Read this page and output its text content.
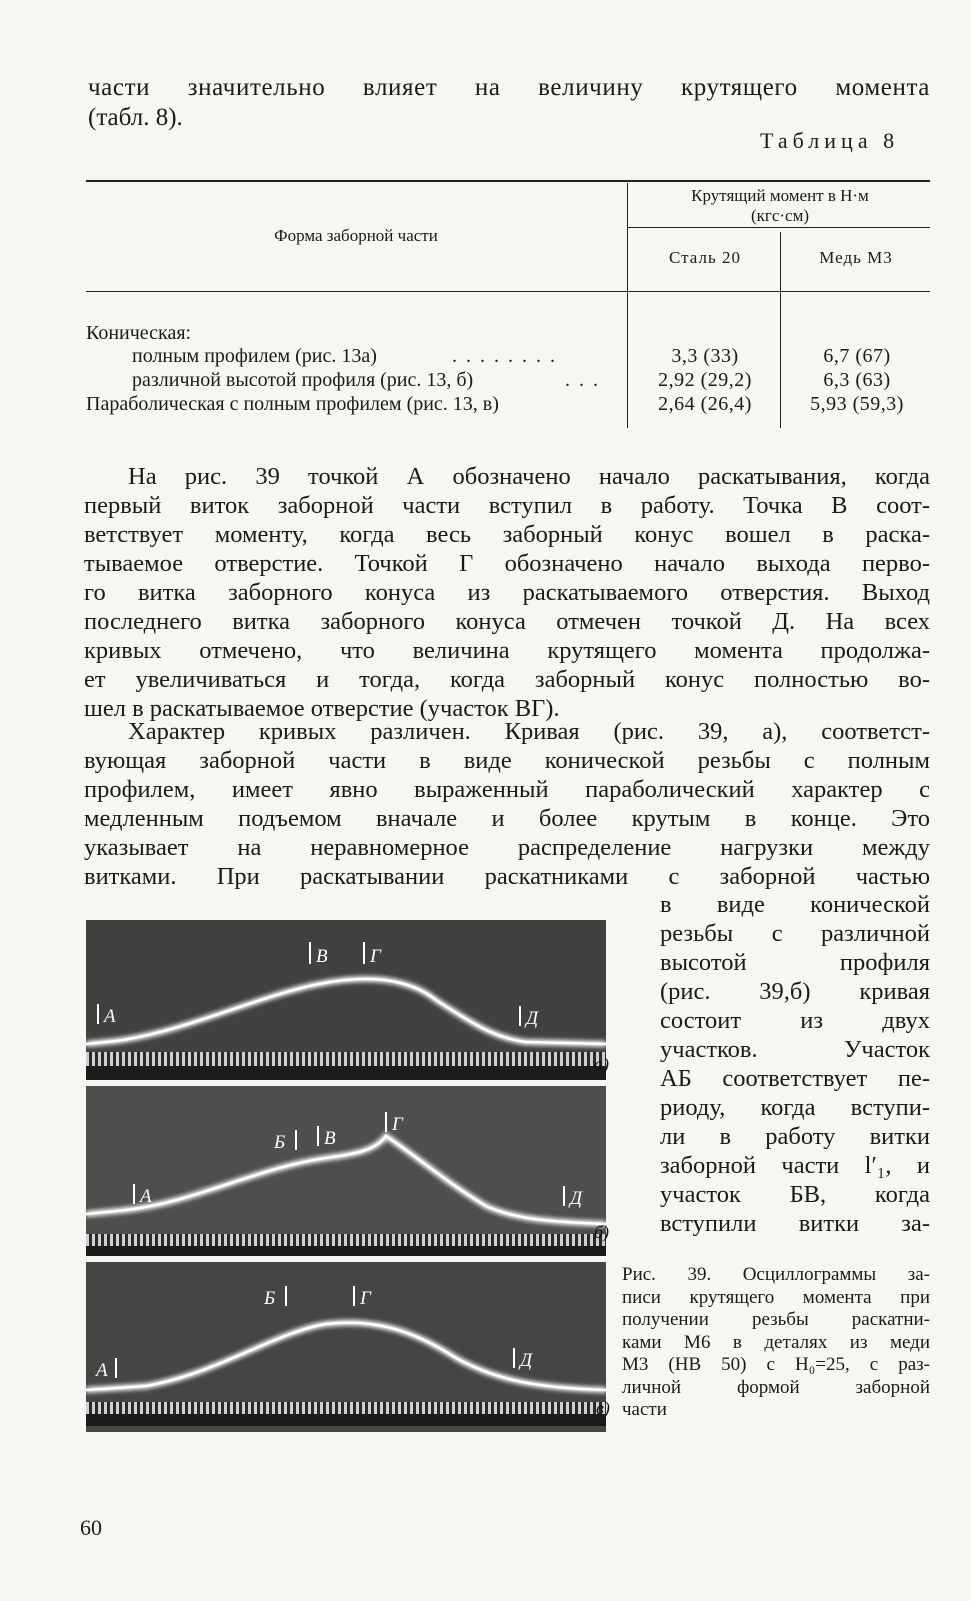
части значительно влияет на величину крутящего момента
(табл. 8).
Таблица 8
Форма заборной части
Крутящий момент в Н·м
(кгс·см)
Сталь 20	Медь М3
Коническая:
полным профилем (рис. 13а)	. . . . . . . .	3,3 (33)	6,7 (67)
различной высотой профиля (рис. 13, б)	. . .	2,92 (29,2)	6,3 (63)
Параболическая с полным профилем (рис. 13, в)	2,64 (26,4)	5,93 (59,3)
На рис. 39 точкой А обозначено начало раскатывания, когда
первый виток заборной части вступил в работу. Точка В соот-
ветствует моменту, когда весь заборный конус вошел в раска-
тываемое отверстие. Точкой Г обозначено начало выхода перво-
го витка заборного конуса из раскатываемого отверстия. Выход
последнего витка заборного конуса отмечен точкой Д. На всех
кривых отмечено, что величина крутящего момента продолжа-
ет увеличиваться и тогда, когда заборный конус полностью во-
шел в раскатываемое отверстие (участок ВГ).
Характер кривых различен. Кривая (рис. 39, а), соответст-
вующая заборной части в виде конической резьбы с полным
профилем, имеет явно выраженный параболический характер с
медленным подъемом вначале и более крутым в конце. Это
указывает на неравномерное распределение нагрузки между
витками. При раскатывании раскатниками с заборной частью
в виде конической
резьбы с различной
высотой профиля
(рис. 39,б) кривая
состоит из двух
участков. Участок
АБ соответствует пе-
риоду, когда вступи-
ли в работу витки
заборной части l′₁, и
участок БВ, когда
вступили витки за-
А
В Г
Д
а)
А
Б В
Г
Д
б)
А
Б	Г
Д
в)
Рис. 39. Осциллограммы за-
писи крутящего момента при
получении резьбы раскатни-
ками М6 в деталях из меди
М3 (НВ 50) с H₀=25, с раз-
личной формой заборной
части
60
